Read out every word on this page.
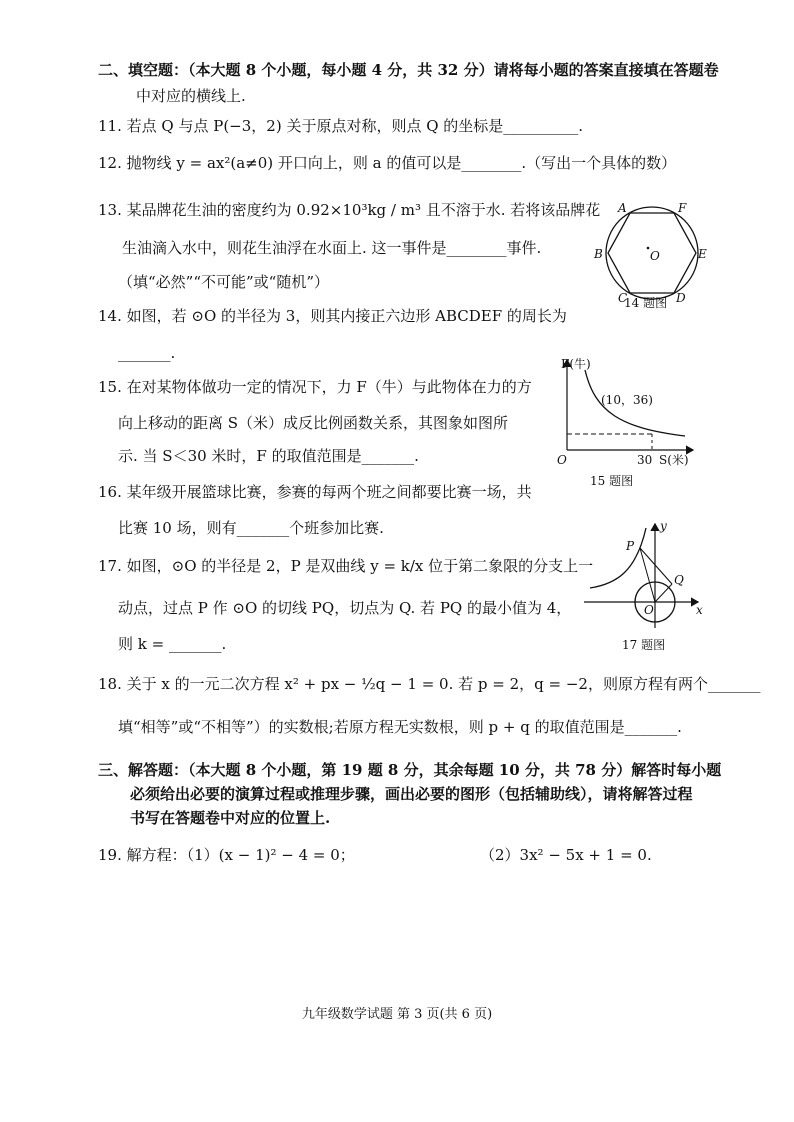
二、填空题：（本大题 8 个小题，每小题 4 分，共 32 分）请将每小题的答案直接填在答题卷
中对应的横线上.
11. 若点 Q 与点 P(−3，2) 关于原点对称，则点 Q 的坐标是__________.
12. 抛物线 y = ax²(a≠0) 开口向上，则 a 的值可以是________.（写出一个具体的数）
13. 某品牌花生油的密度约为 0.92×10³kg / m³ 且不溶于水. 若将该品牌花
生油滴入水中，则花生油浮在水面上. 这一事件是________事件.
（填“必然”“不可能”或“随机”）
A	F
B	E
C	D
O
14 题图
14. 如图，若 ⊙O 的半径为 3，则其内接正六边形 ABCDEF 的周长为
_______.
15. 在对某物体做功一定的情况下，力 F（牛）与此物体在力的方
向上移动的距离 S（米）成反比例函数关系，其图象如图所
示. 当 S＜30 米时，F 的取值范围是_______.
F(牛)
(10，36)
O	30 S(米)
15 题图
16. 某年级开展篮球比赛，参赛的每两个班之间都要比赛一场，共
比赛 10 场，则有_______个班参加比赛.
17. 如图，⊙O 的半径是 2，P 是双曲线 y = k/x 位于第二象限的分支上一
动点，过点 P 作 ⊙O 的切线 PQ，切点为 Q. 若 PQ 的最小值为 4，
则 k = _______.
P
Q
O	x
y
17 题图
18. 关于 x 的一元二次方程 x² + px − ½q − 1 = 0. 若 p = 2，q = −2，则原方程有两个_______
填“相等”或“不相等”）的实数根;若原方程无实数根，则 p + q 的取值范围是_______.
三、解答题：（本大题 8 个小题，第 19 题 8 分，其余每题 10 分，共 78 分）解答时每小题
必须给出必要的演算过程或推理步骤，画出必要的图形（包括辅助线），请将解答过程
书写在答题卷中对应的位置上.
19. 解方程：（1）(x − 1)² − 4 = 0；	（2）3x² − 5x + 1 = 0.
九年级数学试题 第 3 页(共 6 页)
